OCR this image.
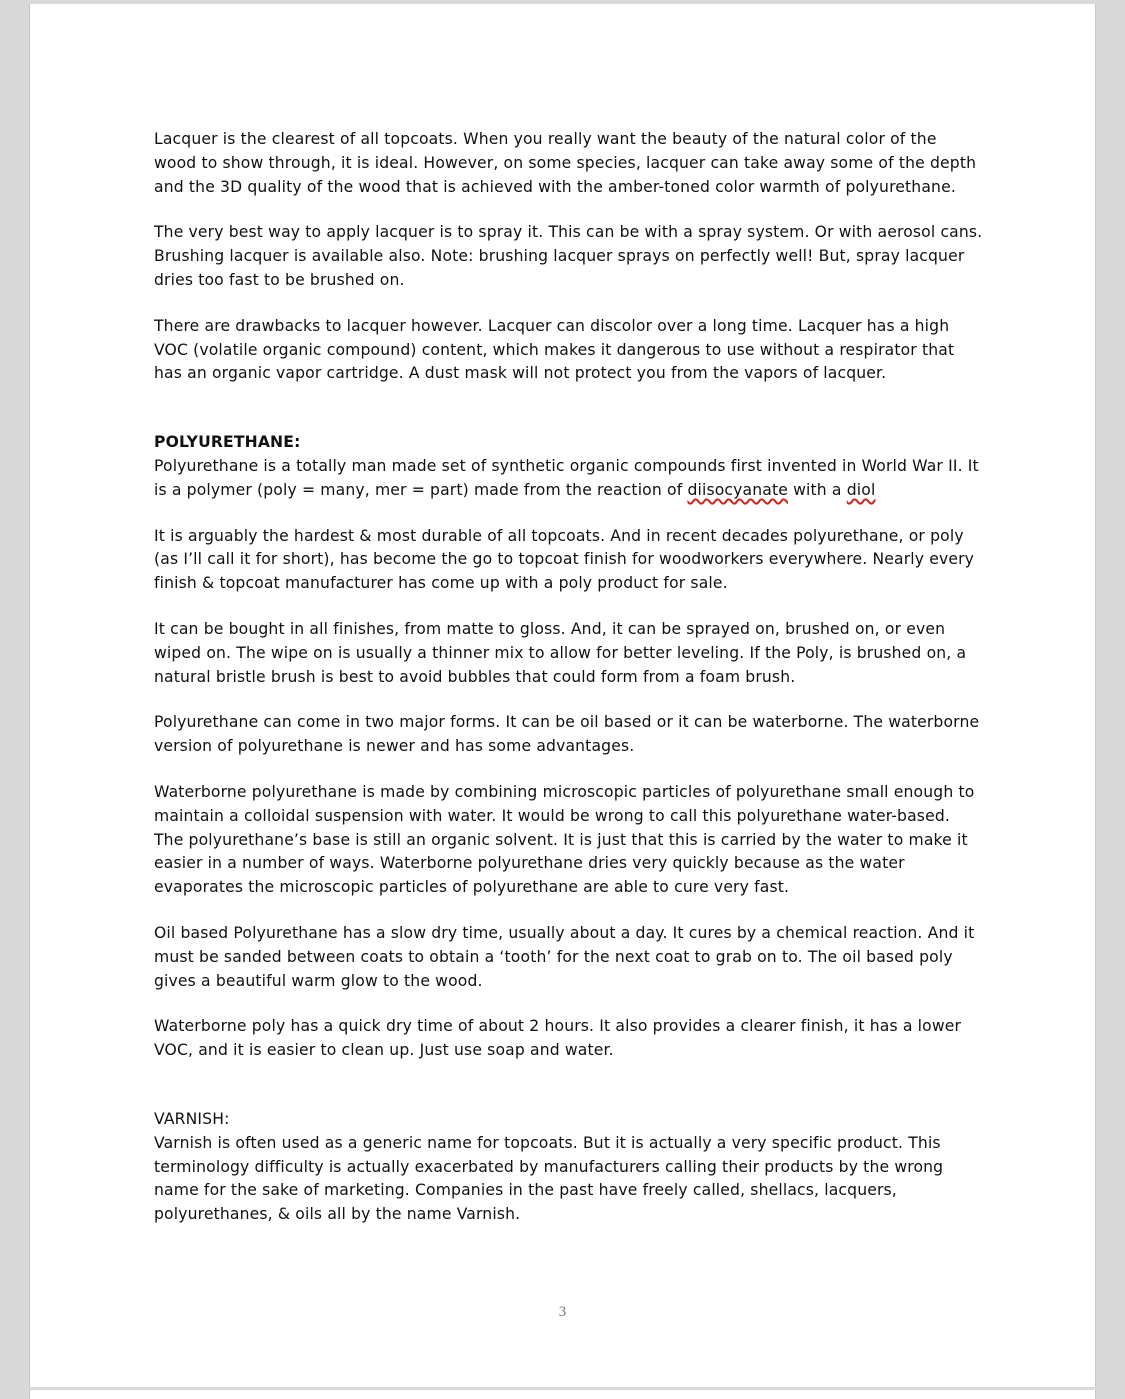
Lacquer is the clearest of all topcoats. When you really want the beauty of the natural color of the wood to show through, it is ideal. However, on some species, lacquer can take away some of the depth and the 3D quality of the wood that is achieved with the amber-toned color warmth of polyurethane.

The very best way to apply lacquer is to spray it. This can be with a spray system. Or with aerosol cans. Brushing lacquer is available also. Note: brushing lacquer sprays on perfectly well! But, spray lacquer dries too fast to be brushed on.

There are drawbacks to lacquer however. Lacquer can discolor over a long time. Lacquer has a high VOC (volatile organic compound) content, which makes it dangerous to use without a respirator that has an organic vapor cartridge. A dust mask will not protect you from the vapors of lacquer.

POLYURETHANE:

Polyurethane is a totally man made set of synthetic organic compounds first invented in World War II. It is a polymer (poly = many, mer = part) made from the reaction of diisocyanate with a diol

It is arguably the hardest & most durable of all topcoats. And in recent decades polyurethane, or poly (as I’ll call it for short), has become the go to topcoat finish for woodworkers everywhere. Nearly every finish & topcoat manufacturer has come up with a poly product for sale.

It can be bought in all finishes, from matte to gloss. And, it can be sprayed on, brushed on, or even wiped on. The wipe on is usually a thinner mix to allow for better leveling. If the Poly, is brushed on, a natural bristle brush is best to avoid bubbles that could form from a foam brush.

Polyurethane can come in two major forms. It can be oil based or it can be waterborne. The waterborne version of polyurethane is newer and has some advantages.

Waterborne polyurethane is made by combining microscopic particles of polyurethane small enough to maintain a colloidal suspension with water. It would be wrong to call this polyurethane water-based. The polyurethane’s base is still an organic solvent. It is just that this is carried by the water to make it easier in a number of ways. Waterborne polyurethane dries very quickly because as the water evaporates the microscopic particles of polyurethane are able to cure very fast.

Oil based Polyurethane has a slow dry time, usually about a day. It cures by a chemical reaction. And it must be sanded between coats to obtain a ‘tooth’ for the next coat to grab on to. The oil based poly gives a beautiful warm glow to the wood.

Waterborne poly has a quick dry time of about 2 hours. It also provides a clearer finish, it has a lower VOC, and it is easier to clean up. Just use soap and water.

VARNISH:

Varnish is often used as a generic name for topcoats. But it is actually a very specific product. This terminology difficulty is actually exacerbated by manufacturers calling their products by the wrong name for the sake of marketing. Companies in the past have freely called, shellacs, lacquers, polyurethanes, & oils all by the name Varnish.

3
